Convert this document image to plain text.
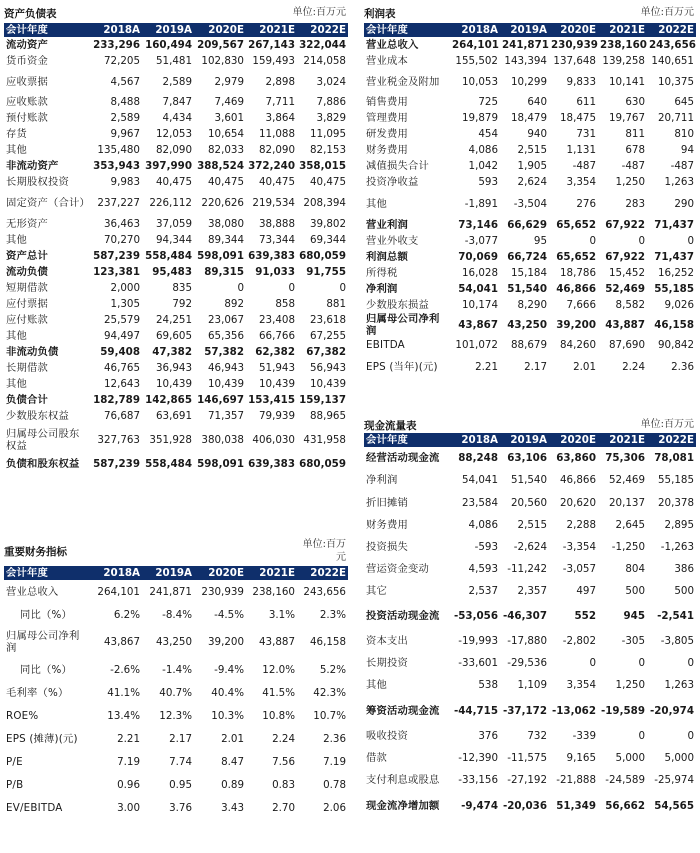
资产负债表	单位:百万元
会计年度	2018A	2019A	2020E	2021E	2022E
流动资产	233,296	160,494	209,567	267,143	322,044
货币资金	72,205	51,481	102,830	159,493	214,058
应收票据	4,567	2,589	2,979	2,898	3,024
应收账款	8,488	7,847	7,469	7,711	7,886
预付账款	2,589	4,434	3,601	3,864	3,829
存货	9,967	12,053	10,654	11,088	11,095
其他	135,480	82,090	82,033	82,090	82,153
非流动资产	353,943	397,990	388,524	372,240	358,015
长期股权投资	9,983	40,475	40,475	40,475	40,475
固定资产（合计）	237,227	226,112	220,626	219,534	208,394
无形资产	36,463	37,059	38,080	38,888	39,802
其他	70,270	94,344	89,344	73,344	69,344
资产总计	587,239	558,484	598,091	639,383	680,059
流动负债	123,381	95,483	89,315	91,033	91,755
短期借款	2,000	835	0	0	0
应付票据	1,305	792	892	858	881
应付账款	25,579	24,251	23,067	23,408	23,618
其他	94,497	69,605	65,356	66,766	67,255
非流动负债	59,408	47,382	57,382	62,382	67,382
长期借款	46,765	36,943	46,943	51,943	56,943
其他	12,643	10,439	10,439	10,439	10,439
负债合计	182,789	142,865	146,697	153,415	159,137
少数股东权益	76,687	63,691	71,357	79,939	88,965
归属母公司股东权益	327,763	351,928	380,038	406,030	431,958
负债和股东权益	587,239	558,484	598,091	639,383	680,059
重要财务指标
单位:百万元
会计年度	2018A	2019A	2020E	2021E	2022E
营业总收入	264,101	241,871	230,939	238,160	243,656
同比（%）	6.2%	-8.4%	-4.5%	3.1%	2.3%
归属母公司净利润	43,867	43,250	39,200	43,887	46,158
同比（%）	-2.6%	-1.4%	-9.4%	12.0%	5.2%
毛利率（%）	41.1%	40.7%	40.4%	41.5%	42.3%
ROE%	13.4%	12.3%	10.3%	10.8%	10.7%
EPS (摊薄)(元)	2.21	2.17	2.01	2.24	2.36
P/E	7.19	7.74	8.47	7.56	7.19
P/B	0.96	0.95	0.89	0.83	0.78
EV/EBITDA	3.00	3.76	3.43	2.70	2.06
利润表	单位:百万元
会计年度	2018A	2019A	2020E	2021E	2022E
营业总收入	264,101	241,871	230,939	238,160	243,656
营业成本	155,502	143,394	137,648	139,258	140,651
营业税金及附加	10,053	10,299	9,833	10,141	10,375
销售费用	725	640	611	630	645
管理费用	19,879	18,479	18,475	19,767	20,711
研发费用	454	940	731	811	810
财务费用	4,086	2,515	1,131	678	94
减值损失合计	1,042	1,905	-487	-487	-487
投资净收益	593	2,624	3,354	1,250	1,263
其他	-1,891	-3,504	276	283	290
营业利润	73,146	66,629	65,652	67,922	71,437
营业外收支	-3,077	95	0	0	0
利润总额	70,069	66,724	65,652	67,922	71,437
所得税	16,028	15,184	18,786	15,452	16,252
净利润	54,041	51,540	46,866	52,469	55,185
少数股东损益	10,174	8,290	7,666	8,582	9,026
归属母公司净利润	43,867	43,250	39,200	43,887	46,158
EBITDA	101,072	88,679	84,260	87,690	90,842
EPS (当年)(元)	2.21	2.17	2.01	2.24	2.36
现金流量表	单位:百万元
会计年度	2018A	2019A	2020E	2021E	2022E
经营活动现金流	88,248	63,106	63,860	75,306	78,081
净利润	54,041	51,540	46,866	52,469	55,185
折旧摊销	23,584	20,560	20,620	20,137	20,378
财务费用	4,086	2,515	2,288	2,645	2,895
投资损失	-593	-2,624	-3,354	-1,250	-1,263
营运资金变动	4,593	-11,242	-3,057	804	386
其它	2,537	2,357	497	500	500
投资活动现金流	-53,056	-46,307	552	945	-2,541
资本支出	-19,993	-17,880	-2,802	-305	-3,805
长期投资	-33,601	-29,536	0	0	0
其他	538	1,109	3,354	1,250	1,263
筹资活动现金流	-44,715	-37,172	-13,062	-19,589	-20,974
吸收投资	376	732	-339	0	0
借款	-12,390	-11,575	9,165	5,000	5,000
支付利息或股息	-33,156	-27,192	-21,888	-24,589	-25,974
现金流净增加额	-9,474	-20,036	51,349	56,662	54,565
